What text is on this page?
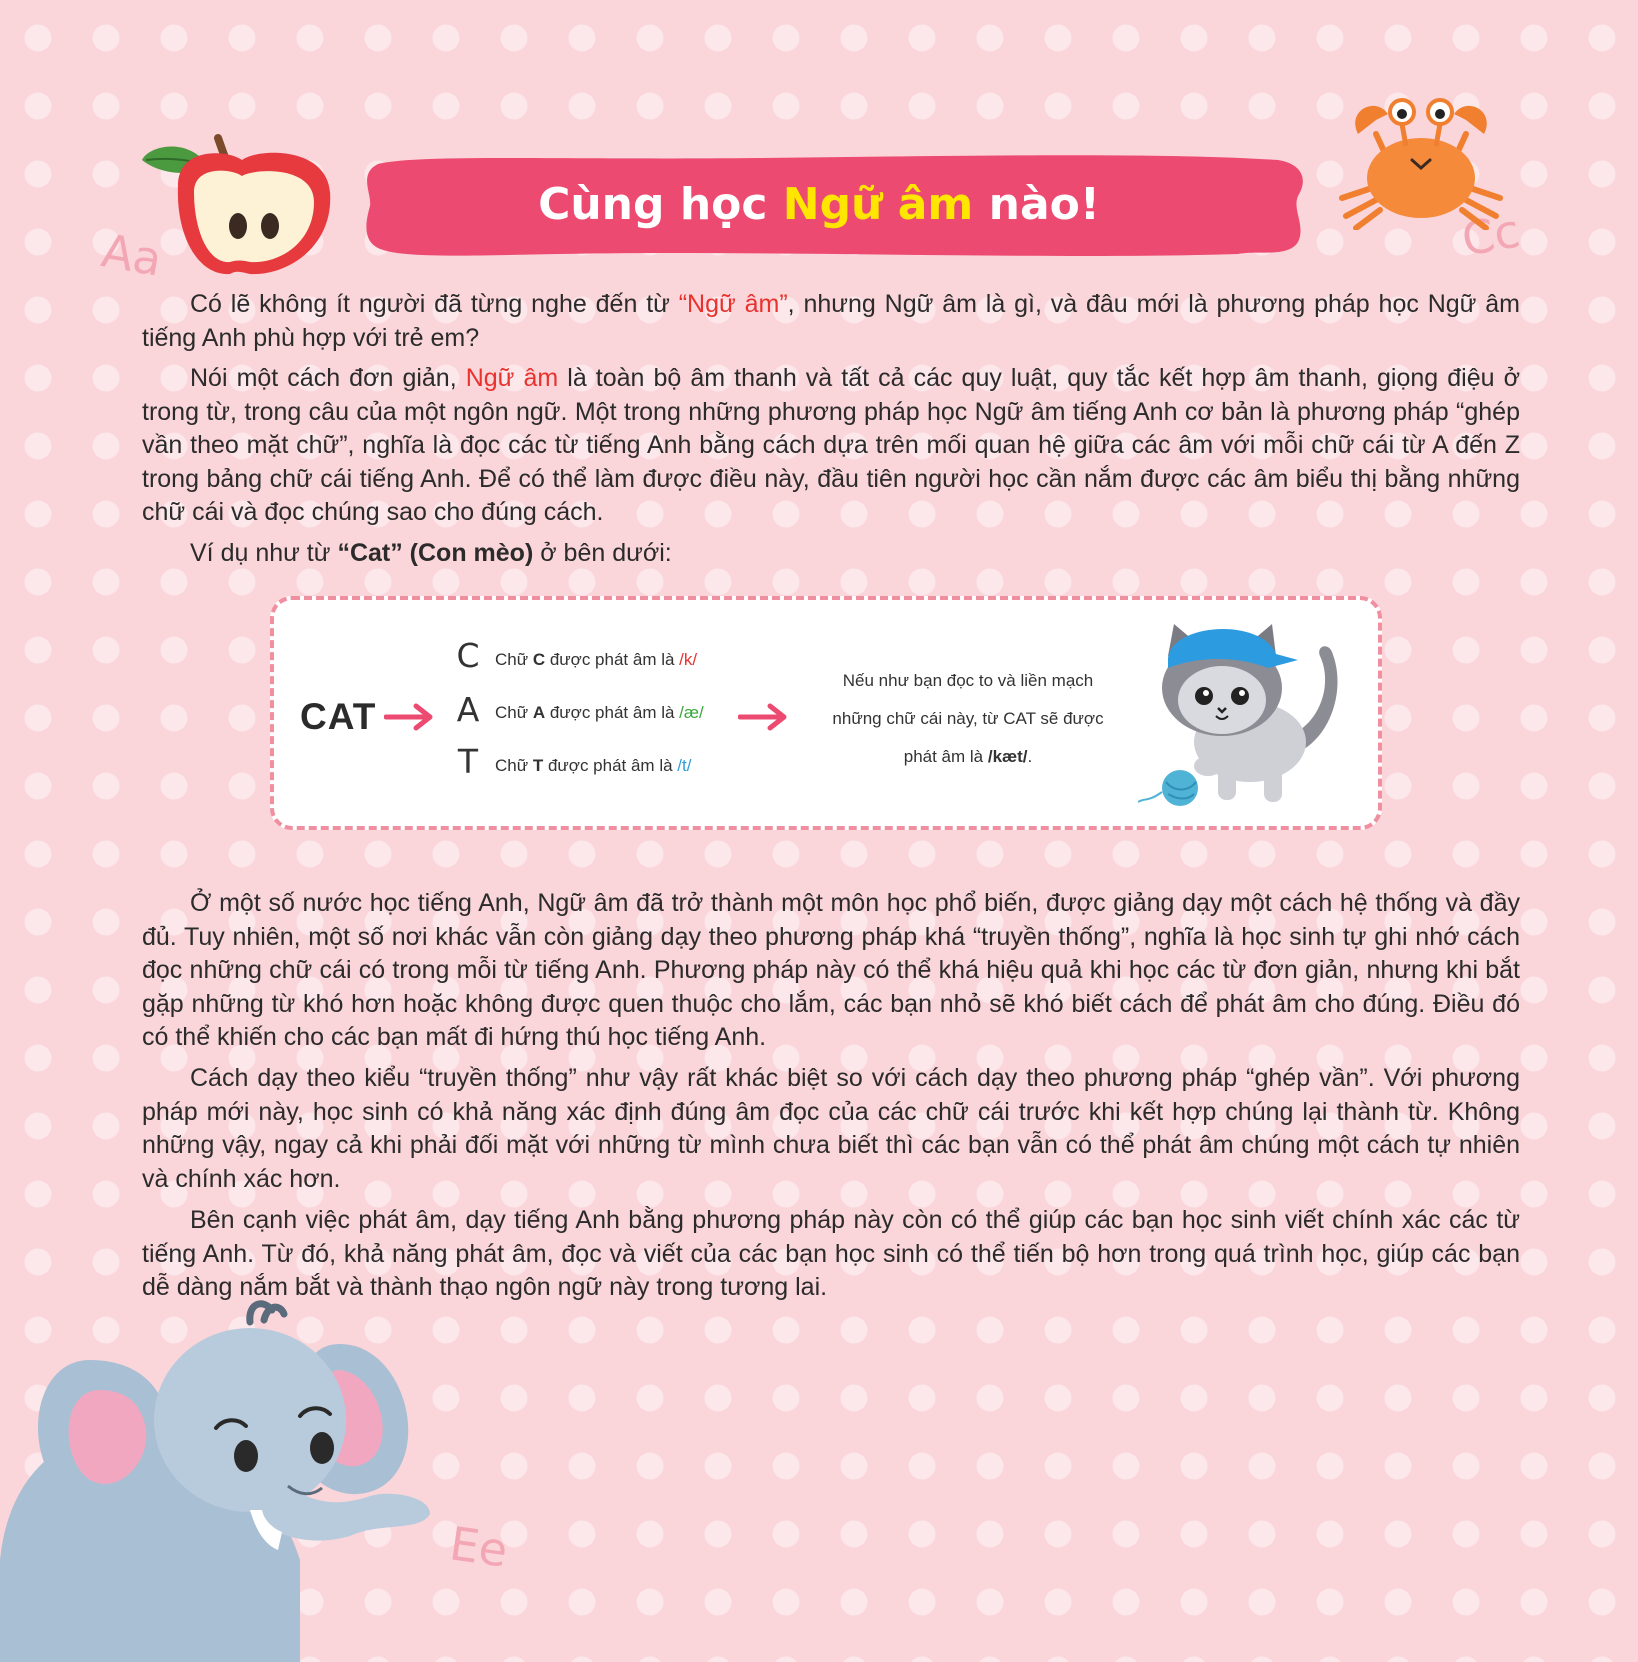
Aa	Cc
Ee
Cùng học Ngữ âm nào!

Có lẽ không ít người đã từng nghe đến từ “Ngữ âm”, nhưng Ngữ âm là gì, và đâu mới là phương pháp học Ngữ âm tiếng Anh phù hợp với trẻ em?

Nói một cách đơn giản, Ngữ âm là toàn bộ âm thanh và tất cả các quy luật, quy tắc kết hợp âm thanh, giọng điệu ở trong từ, trong câu của một ngôn ngữ. Một trong những phương pháp học Ngữ âm tiếng Anh cơ bản là phương pháp “ghép vần theo mặt chữ”, nghĩa là đọc các từ tiếng Anh bằng cách dựa trên mối quan hệ giữa các âm với mỗi chữ cái từ A đến Z trong bảng chữ cái tiếng Anh. Để có thể làm được điều này, đầu tiên người học cần nắm được các âm biểu thị bằng những chữ cái và đọc chúng sao cho đúng cách.

Ví dụ như từ “Cat” (Con mèo) ở bên dưới:

CAT
C Chữ C được phát âm là /k/
A Chữ A được phát âm là /æ/
T Chữ T được phát âm là /t/
Nếu như bạn đọc to và liền mạch
những chữ cái này, từ CAT sẽ được
phát âm là /kæt/.

Ở một số nước học tiếng Anh, Ngữ âm đã trở thành một môn học phổ biến, được giảng dạy một cách hệ thống và đầy đủ. Tuy nhiên, một số nơi khác vẫn còn giảng dạy theo phương pháp khá “truyền thống”, nghĩa là học sinh tự ghi nhớ cách đọc những chữ cái có trong mỗi từ tiếng Anh. Phương pháp này có thể khá hiệu quả khi học các từ đơn giản, nhưng khi bắt gặp những từ khó hơn hoặc không được quen thuộc cho lắm, các bạn nhỏ sẽ khó biết cách để phát âm cho đúng. Điều đó có thể khiến cho các bạn mất đi hứng thú học tiếng Anh.

Cách dạy theo kiểu “truyền thống” như vậy rất khác biệt so với cách dạy theo phương pháp “ghép vần”. Với phương pháp mới này, học sinh có khả năng xác định đúng âm đọc của các chữ cái trước khi kết hợp chúng lại thành từ. Không những vậy, ngay cả khi phải đối mặt với những từ mình chưa biết thì các bạn vẫn có thể phát âm chúng một cách tự nhiên và chính xác hơn.

Bên cạnh việc phát âm, dạy tiếng Anh bằng phương pháp này còn có thể giúp các bạn học sinh viết chính xác các từ tiếng Anh. Từ đó, khả năng phát âm, đọc và viết của các bạn học sinh có thể tiến bộ hơn trong quá trình học, giúp các bạn dễ dàng nắm bắt và thành thạo ngôn ngữ này trong tương lai.
